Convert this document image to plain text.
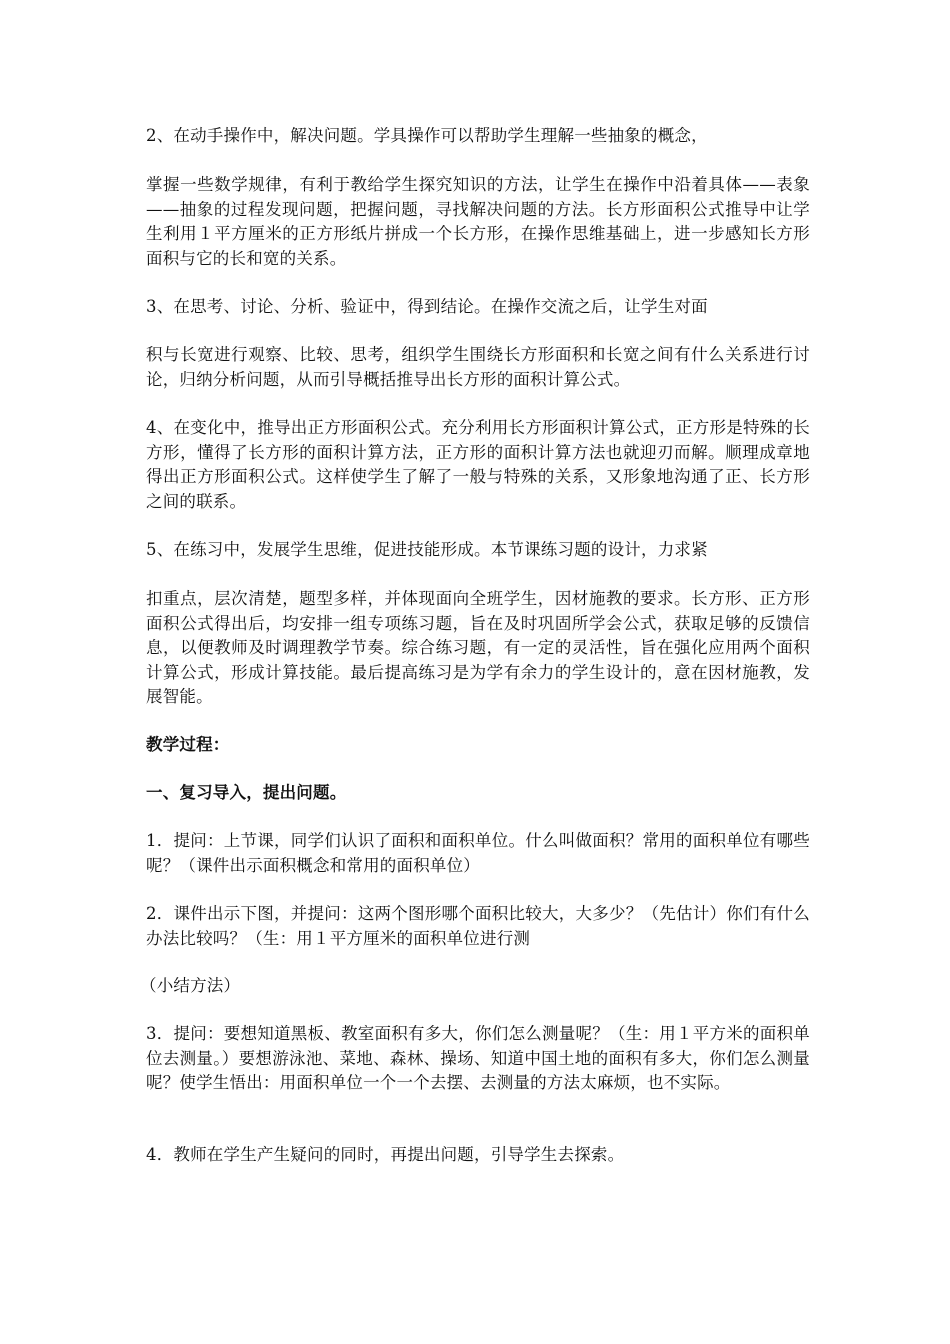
2、在动手操作中，解决问题。学具操作可以帮助学生理解一些抽象的概念，

掌握一些数学规律，有利于教给学生探究知识的方法，让学生在操作中沿着具体——表象——抽象的过程发现问题，把握问题，寻找解决问题的方法。长方形面积公式推导中让学生利用１平方厘米的正方形纸片拼成一个长方形，在操作思维基础上，进一步感知长方形面积与它的长和宽的关系。

3、在思考、讨论、分析、验证中，得到结论。在操作交流之后，让学生对面

积与长宽进行观察、比较、思考，组织学生围绕长方形面积和长宽之间有什么关系进行讨论，归纳分析问题，从而引导概括推导出长方形的面积计算公式。

4、在变化中，推导出正方形面积公式。充分利用长方形面积计算公式，正方形是特殊的长方形，懂得了长方形的面积计算方法，正方形的面积计算方法也就迎刃而解。顺理成章地得出正方形面积公式。这样使学生了解了一般与特殊的关系，又形象地沟通了正、长方形之间的联系。

5、在练习中，发展学生思维，促进技能形成。本节课练习题的设计，力求紧

扣重点，层次清楚，题型多样，并体现面向全班学生，因材施教的要求。长方形、正方形面积公式得出后，均安排一组专项练习题，旨在及时巩固所学会公式，获取足够的反馈信息，以便教师及时调理教学节奏。综合练习题，有一定的灵活性，旨在强化应用两个面积计算公式，形成计算技能。最后提高练习是为学有余力的学生设计的，意在因材施教，发展智能。

教学过程：

一、复习导入，提出问题。

1．提问：上节课，同学们认识了面积和面积单位。什么叫做面积？常用的面积单位有哪些呢？（课件出示面积概念和常用的面积单位）

2．课件出示下图，并提问：这两个图形哪个面积比较大，大多少？（先估计）你们有什么办法比较吗？（生：用１平方厘米的面积单位进行测

（小结方法）

3．提问：要想知道黑板、教室面积有多大，你们怎么测量呢？（生：用１平方米的面积单位去测量。）要想游泳池、菜地、森林、操场、知道中国土地的面积有多大，你们怎么测量呢？使学生悟出：用面积单位一个一个去摆、去测量的方法太麻烦，也不实际。

4．教师在学生产生疑问的同时，再提出问题，引导学生去探索。
